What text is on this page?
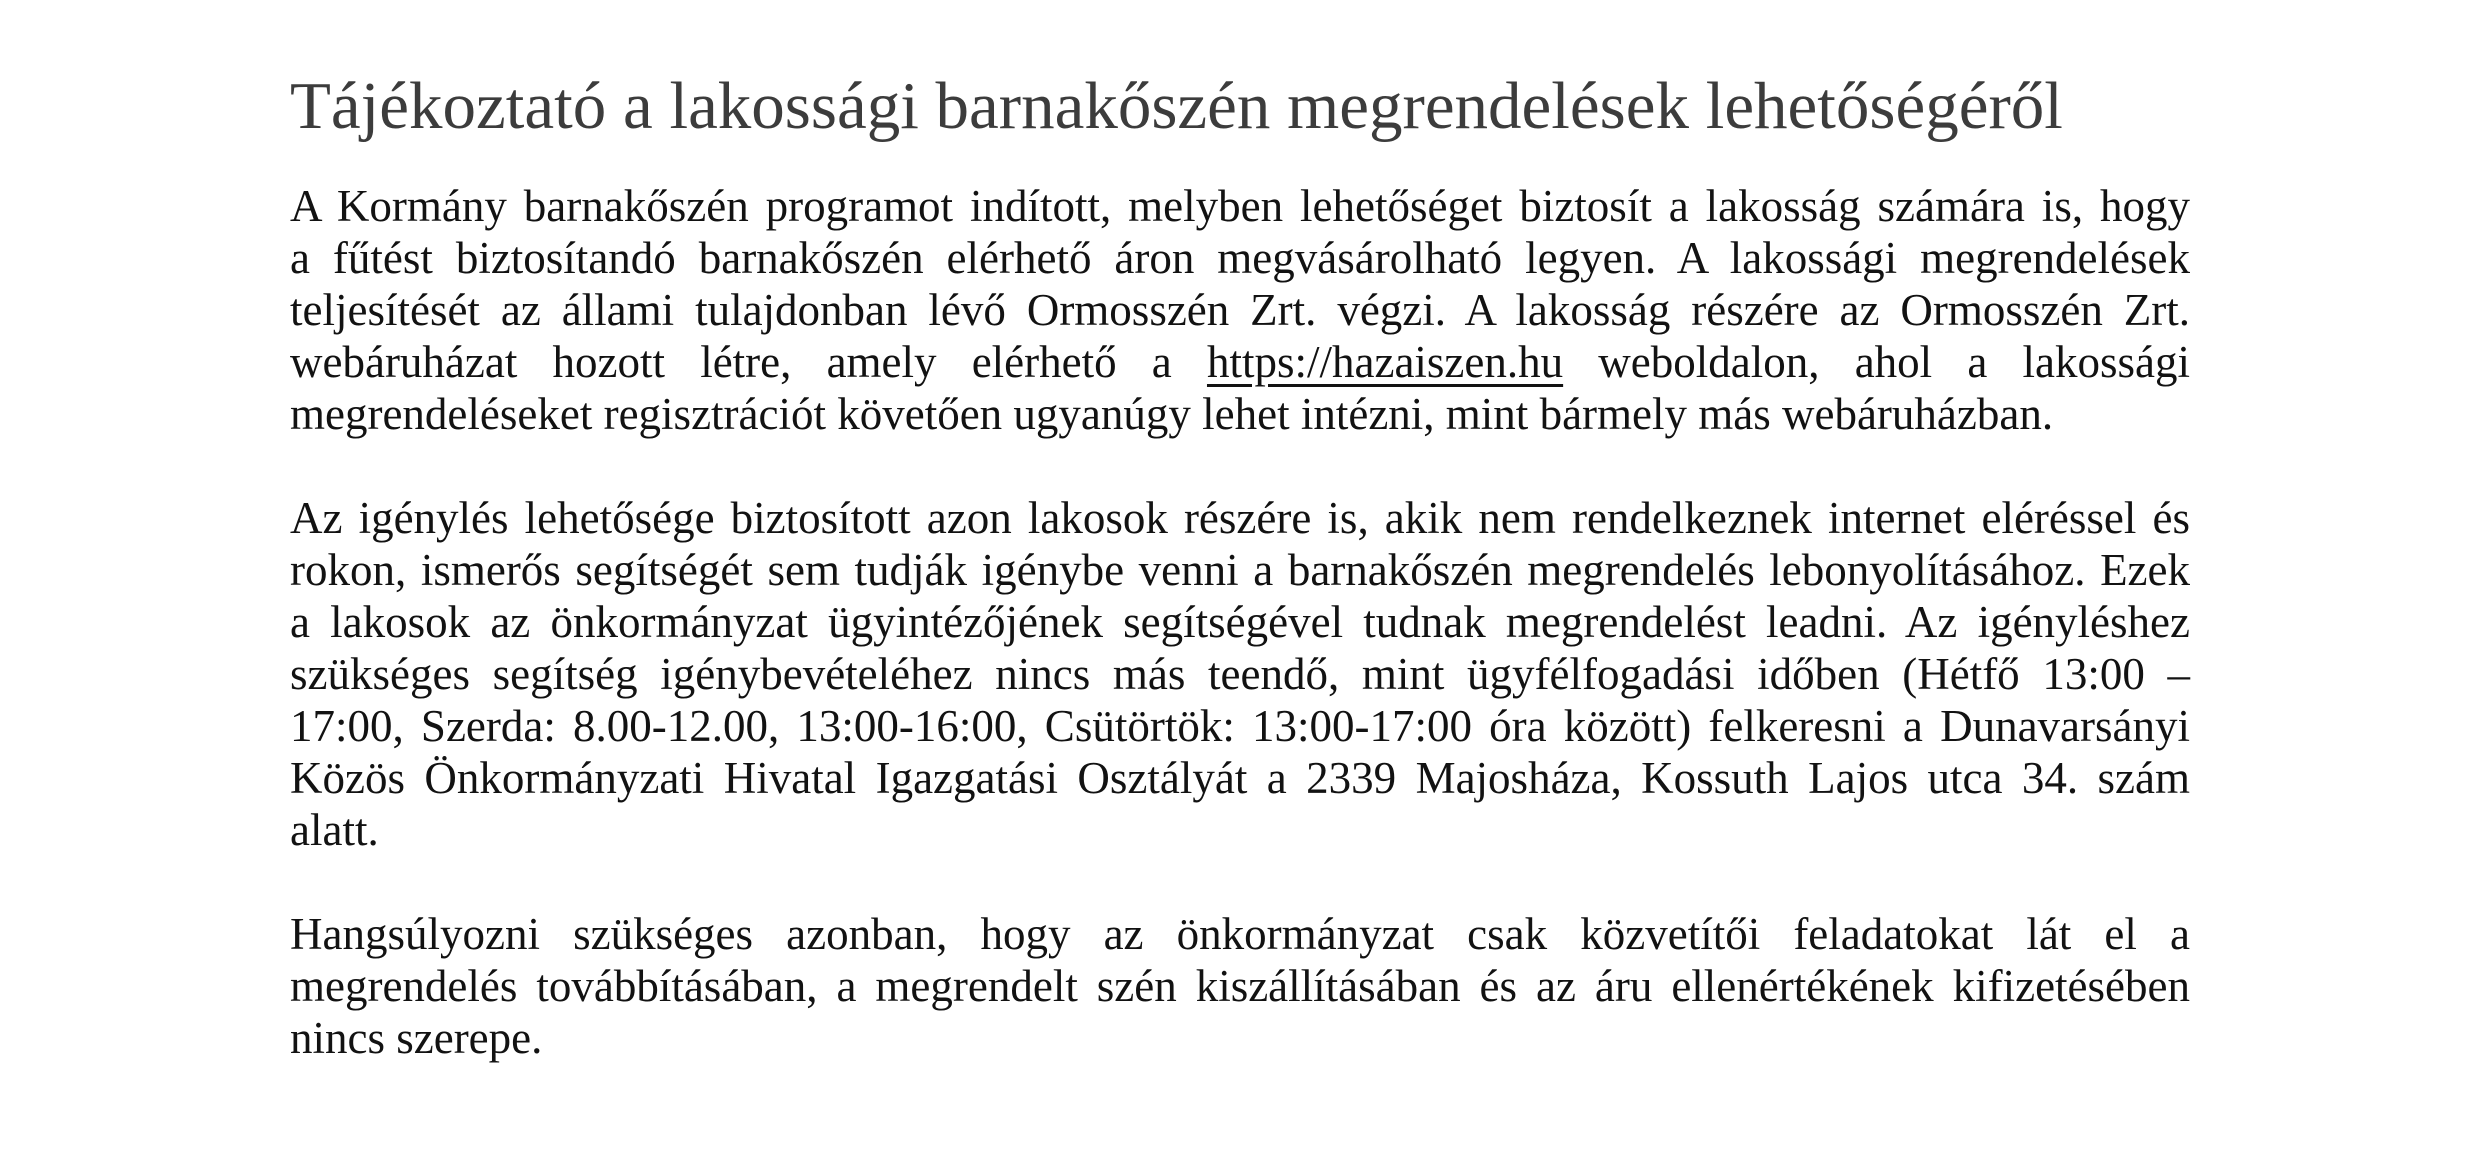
Tájékoztató a lakossági barnakőszén megrendelések lehetőségéről
A Kormány barnakőszén programot indított, melyben lehetőséget biztosít a lakosság számára is, hogy
a fűtést biztosítandó barnakőszén elérhető áron megvásárolható legyen. A lakossági megrendelések
teljesítését az állami tulajdonban lévő Ormosszén Zrt. végzi. A lakosság részére az Ormosszén Zrt.
webáruházat hozott létre, amely elérhető a https://hazaiszen.hu weboldalon, ahol a lakossági
megrendeléseket regisztrációt követően ugyanúgy lehet intézni, mint bármely más webáruházban.
Az igénylés lehetősége biztosított azon lakosok részére is, akik nem rendelkeznek internet eléréssel és
rokon, ismerős segítségét sem tudják igénybe venni a barnakőszén megrendelés lebonyolításához. Ezek
a lakosok az önkormányzat ügyintézőjének segítségével tudnak megrendelést leadni. Az igényléshez
szükséges segítség igénybevételéhez nincs más teendő, mint ügyfélfogadási időben (Hétfő 13:00 –
17:00, Szerda: 8.00-12.00, 13:00-16:00, Csütörtök: 13:00-17:00 óra között) felkeresni a Dunavarsányi
Közös Önkormányzati Hivatal Igazgatási Osztályát a 2339 Majosháza, Kossuth Lajos utca 34. szám
alatt.
Hangsúlyozni szükséges azonban, hogy az önkormányzat csak közvetítői feladatokat lát el a
megrendelés továbbításában, a megrendelt szén kiszállításában és az áru ellenértékének kifizetésében
nincs szerepe.
